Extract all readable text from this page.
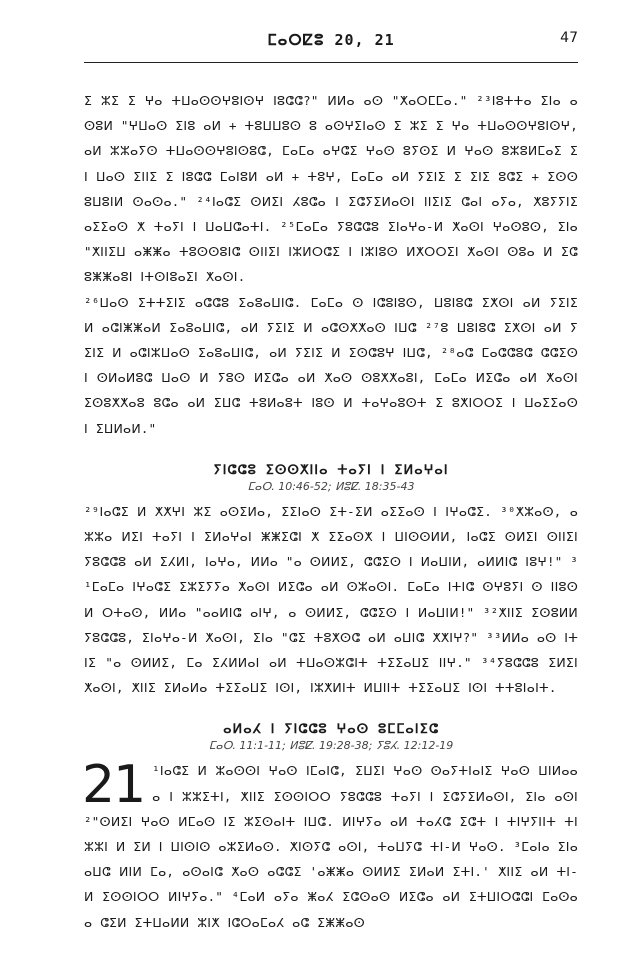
ⵎⴰⵔⵇⵓ 20, 21	47

ⵉ ⵣⵉ ⵉ ⵖⴰ ⵜⵡⴰⵙⵙⵖⵓⵏⵙⵖ ⵏⵓⵛⵛ?" ⵍⵍⴰ ⴰⵙ "ⵅⴰⵔⵎⵎⴰ." ²³ⵏⵓⵜⵜⴰ ⵉⵏⴰ ⴰⵙⵓⵍ "ⵖⵡⴰⵙ ⵉⵏⵓ ⴰⵍ + ⵜⵓⵡⵡⵓⵙ ⵓ ⴰⵙⵖⵉⵏⴰⵙ ⵉ ⵣⵉ ⵉ ⵖⴰ ⵜⵡⴰⵙⵙⵖⵓⵏⵙⵖ, ⴰⵍ ⵣⵣⴰⵢⵙ ⵜⵡⴰⵙⵙⵖⵓⵏⵙⵓⵛ, ⵎⴰⵎⴰ ⴰⵖⵛⵉ ⵖⴰⵙ ⵓⵢⵙⵉ ⵍ ⵖⴰⵙ ⵓⵣⵓⵍⵎⴰⵉ ⵉⵏ ⵡⴰⵙ ⵉⵏⵏⵉ ⵉ ⵏⵓⵛⵛ ⵎⴰⵏⵓⵍ ⴰⵍ + ⵜⵓⵖ, ⵎⴰⵎⴰ ⴰⵍ ⵢⵉⵏⵉ ⵉ ⵉⵏⵉ ⵓⵛⵉ + ⵉⵙⵙⵓⵡⵓⵏⵍ ⵙⴰⵙⴰ." ²⁴ⵏⴰⵛⵉ ⵙⵍⵉⵏ ⵃⵓⵛⴰ ⵏ ⵉⵛⵢⵉⵍⴰⵙⵏ ⵏⵏⵉⵏⵉ ⵛⴰⵏ ⴰⵢⴰ, ⵅⵓⵢⵢⵏⵉ ⴰⵉⵉⴰⵙ ⵅ ⵜⴰⵢⵏ ⵏ ⵡⴰⵡⵛⴰⵜⵏ. ²⁵ⵎⴰⵎⴰ ⵢⵓⵛⵛⵓ ⵉⵏⴰⵖⴰ-ⵍ ⵅⴰⵙⵏ ⵖⴰⵙⵓⵙ, ⵉⵏⴰ "ⵅⵏⵏⵉⵡ ⴰⵥⵥⴰ ⵜⵓⵙⵙⵓⵏⵛ ⵙⵏⵏⵉⵏ ⵏⵣⵍⵔⵛⵉ ⵏ ⵏⵣⵏⵓⵙ ⵍⵅⵔⵔⵉⵏ ⵅⴰⵙⵏ ⵙⵓⴰ ⵍ ⵉⵛⵓⵥⵥⴰⵓⵏ ⵏⵜⵙⵏⵓⴰⵉⵏ ⵅⴰⵙⵏ.

²⁶ⵡⴰⵙ ⵉⵜⵜⵉⵏⵉ ⴰⵛⵛⵓ ⵉⴰⵓⴰⵡⵏⵛ. ⵎⴰⵎⴰ ⵙ ⵏⵛⵓⵏⵓⵙ, ⵡⵓⵏⵓⵛ ⵉⵅⵙⵏ ⴰⵍ ⵢⵉⵏⵉ ⵍ ⴰⵛⵏⵥⵥⴰⵍ ⵉⴰⵓⴰⵡⵏⵛ, ⴰⵍ ⵢⵉⵏⵉ ⵍ ⴰⵛⵙⵅⵅⴰⵙ ⵏⵡⵛ ²⁷ⵓ ⵡⵓⵏⵓⵛ ⵉⵅⵙⵏ ⴰⵍ ⵢⵉⵏⵉ ⵍ ⴰⵛⵏⵣⵡⴰⵙ ⵉⴰⵓⴰⵡⵏⵛ, ⴰⵍ ⵢⵉⵏⵉ ⵍ ⵉⵙⵛⵓⵖ ⵏⵡⵛ, ²⁸ⴰⵛ ⵎⴰⵛⵛⵓⵛ ⵛⵛⵉⵙ ⵏ ⵙⵍⴰⵍⵓⵛ ⵡⴰⵙ ⵍ ⵢⵓⵙ ⵍⵉⵛⴰ ⴰⵍ ⵅⴰⵙ ⵙⵓⵅⵅⴰⵓⵏ, ⵎⴰⵎⴰ ⵍⵉⵛⴰ ⴰⵍ ⵅⴰⵙⵏ ⵉⵙⵓⵅⵅⴰⵓ ⵓⵛⴰ ⴰⵍ ⵉⵡⵛ ⵜⵓⵍⴰⵓⵜ ⵏⵓⵙ ⵍ ⵜⴰⵖⴰⵓⵙⵜ ⵉ ⵓⵅⵏⵔⵔⵉ ⵏ ⵡⴰⵉⵉⴰⵙ ⵏ ⵉⵡⵍⴰⵍ."

ⵢⵏⵛⵛⵓ ⵉⵙⵙⵅⵏⵏⴰ ⵜⴰⵢⵏ ⵏ ⵉⵍⴰⵖⴰⵏ
ⵎⴰⵔ. 10:46-52; ⵍⵓⵇ. 18:35-43

²⁹ⵏⴰⵛⵉ ⵍ ⵅⵅⵖⵏ ⵣⵉ ⴰⵙⵉⵍⴰ, ⵉⵉⵏⴰⵙ ⵉⵜ-ⵉⵍ ⴰⵉⵉⴰⵙ ⵏ ⵏⵖⴰⵛⵉ. ³⁰ⵅⵣⴰⵙ, ⴰⵣⵣⴰ ⵍⵉⵏ ⵜⴰⵢⵏ ⵏ ⵉⵍⴰⵖⴰⵏ ⵥⵥⵉⵛⵏ ⵅ ⵉⵉⴰⵙⵅ ⵏ ⵡⵏⵙⵙⵍⵍ, ⵏⴰⵛⵉ ⵙⵍⵉⵏ ⵙⵏⵏⵉⵏ ⵢⵓⵛⵛⵓ ⴰⵍ ⵉⵃⵍⵏ, ⵏⴰⵖⴰ, ⵍⵍⴰ "ⴰ ⵙⵍⵍⵉ, ⵛⵛⵉⵙ ⵏ ⵍⴰⵡⵏⵍ, ⴰⵍⵍⵏⵛ ⵏⵓⵖ!" ³¹ⵎⴰⵎⴰ ⵏⵖⴰⵛⵉ ⵉⵣⵉⵢⵢⴰ ⵅⴰⵙⵏ ⵍⵉⵛⴰ ⴰⵍ ⵙⵣⴰⵙⵏ. ⵎⴰⵎⴰ ⵏⵜⵏⵛ ⵙⵖⵓⵢⵏ ⵙ ⵏⵏⵓⵙⵍ ⵔⵜⴰⵙ, ⵍⵍⴰ "ⴰⴰⵍⵏⵛ ⴰⵏⵖ, ⴰ ⵙⵍⵍⵉ, ⵛⵛⵉⵙ ⵏ ⵍⴰⵡⵏⵍ!" ³²ⵅⵏⵏⵉ ⵉⵙⵓⵍⵍ ⵢⵓⵛⵛⵓ, ⵉⵏⴰⵖⴰ-ⵍ ⵅⴰⵙⵏ, ⵉⵏⴰ "ⵛⵉ ⵜⵓⵅⵙⵛ ⴰⵍ ⴰⵡⵏⵛ ⵅⵅⵏⵖ?" ³³ⵍⵍⴰ ⴰⵙ ⵏⵜⵏⵉ "ⴰ ⵙⵍⵍⵉ, ⵎⴰ ⵉⵃⵍⵍⴰⵏ ⴰⵍ ⵜⵡⴰⵙⵣⵛⵏⵜ ⵜⵉⵉⴰⵡⵉ ⵏⵏⵖ." ³⁴ⵢⵓⵛⵛⵓ ⵉⵍⵉⵏ ⵅⴰⵙⵏ, ⵅⵏⵏⵉ ⵉⵍⴰⵍⴰ ⵜⵉⵉⴰⵡⵉ ⵏⵙⵏ, ⵏⵣⵅⵍⵏⵜ ⵍⵡⵏⵏⵜ ⵜⵉⵉⴰⵡⵉ ⵏⵙⵏ ⵜⵜⵓⵏⴰⵏⵜ.

ⴰⵍⴰⵃ ⵏ ⵢⵏⵛⵛⵓ ⵖⴰⵙ ⵓⵎⵎⴰⵏⵉⵛ
ⵎⴰⵔ. 11:1-11; ⵍⵓⵇ. 19:28-38; ⵢⵓⵃ. 12:12-19
21 ¹ⵏⴰⵛⵉ ⵍ ⵣⴰⵙⵙⵏ ⵖⴰⵙ ⵏⵎⴰⵏⵛ, ⵉⵡⵉⵏ ⵖⴰⵙ ⵙⴰⵢⵜⵏⴰⵏⵉ ⵖⴰⵙ ⵡⵏⵍⴰⴰⴰ ⵏ ⵣⵣⵉⵜⵏ, ⵅⵏⵏⵉ ⵉⵙⵙⵏⵔⵔ ⵢⵓⵛⵛⵓ ⵜⴰⵢⵏ ⵏ ⵉⵛⵢⵉⵍⴰⵙⵏ, ⵉⵏⴰ ⴰⵙⵏ ²"ⵙⵍⵉⵏ ⵖⴰⵙ ⵍⵎⴰⵙ ⵏⵉ ⵣⵉⵙⴰⵏⵜ ⵏⵡⵛ. ⵍⵏⵖⵢⴰ ⴰⵍ ⵜⴰⵃⵛ ⵉⵛⵜ ⵏ ⵜⵏⵖⵢⵏⵏⵜ ⵜⵏⵣⵣⵏ ⵍ ⵉⵍ ⵏ ⵡⵏⵙⵏⵙ ⴰⵣⵉⵍⴰⵙ. ⵅⵏⵙⵢⵛ ⴰⵙⵏ, ⵜⴰⵡⵢⵛ ⵜⵏ-ⵍ ⵖⴰⵙ. ³ⵎⴰⵏⴰ ⵉⵏⴰ ⴰⵡⵛ ⵍⵏⵍ ⵎⴰ, ⴰⵙⴰⵏⵛ ⵅⴰⵙ ⴰⵛⵛⵉ 'ⴰⵥⵥⴰ ⵙⵍⵍⵉ ⵉⵍⴰⵍ ⵉⵜⵏ.' ⵅⵏⵏⵉ ⴰⵍ ⵜⵏ-ⵍ ⵉⵙⵙⵏⵔⵔ ⵍⵏⵖⵢⴰ." ⁴ⵎⴰⵍ ⴰⵢⴰ ⵥⴰⵃ ⵉⵛⵙⴰⵙ ⵍⵉⵛⴰ ⴰⵍ ⵉⵜⵡⵏⵔⵛⵛⵏ ⵎⴰⵙⴰⴰ ⵛⵉⵍ ⵉⵜⵡⴰⵍⵍ ⵣⵏⵅ ⵏⵛⵔⴰⵎⴰⵃ ⴰⵛ ⵉⵥⵥⴰⵙ
